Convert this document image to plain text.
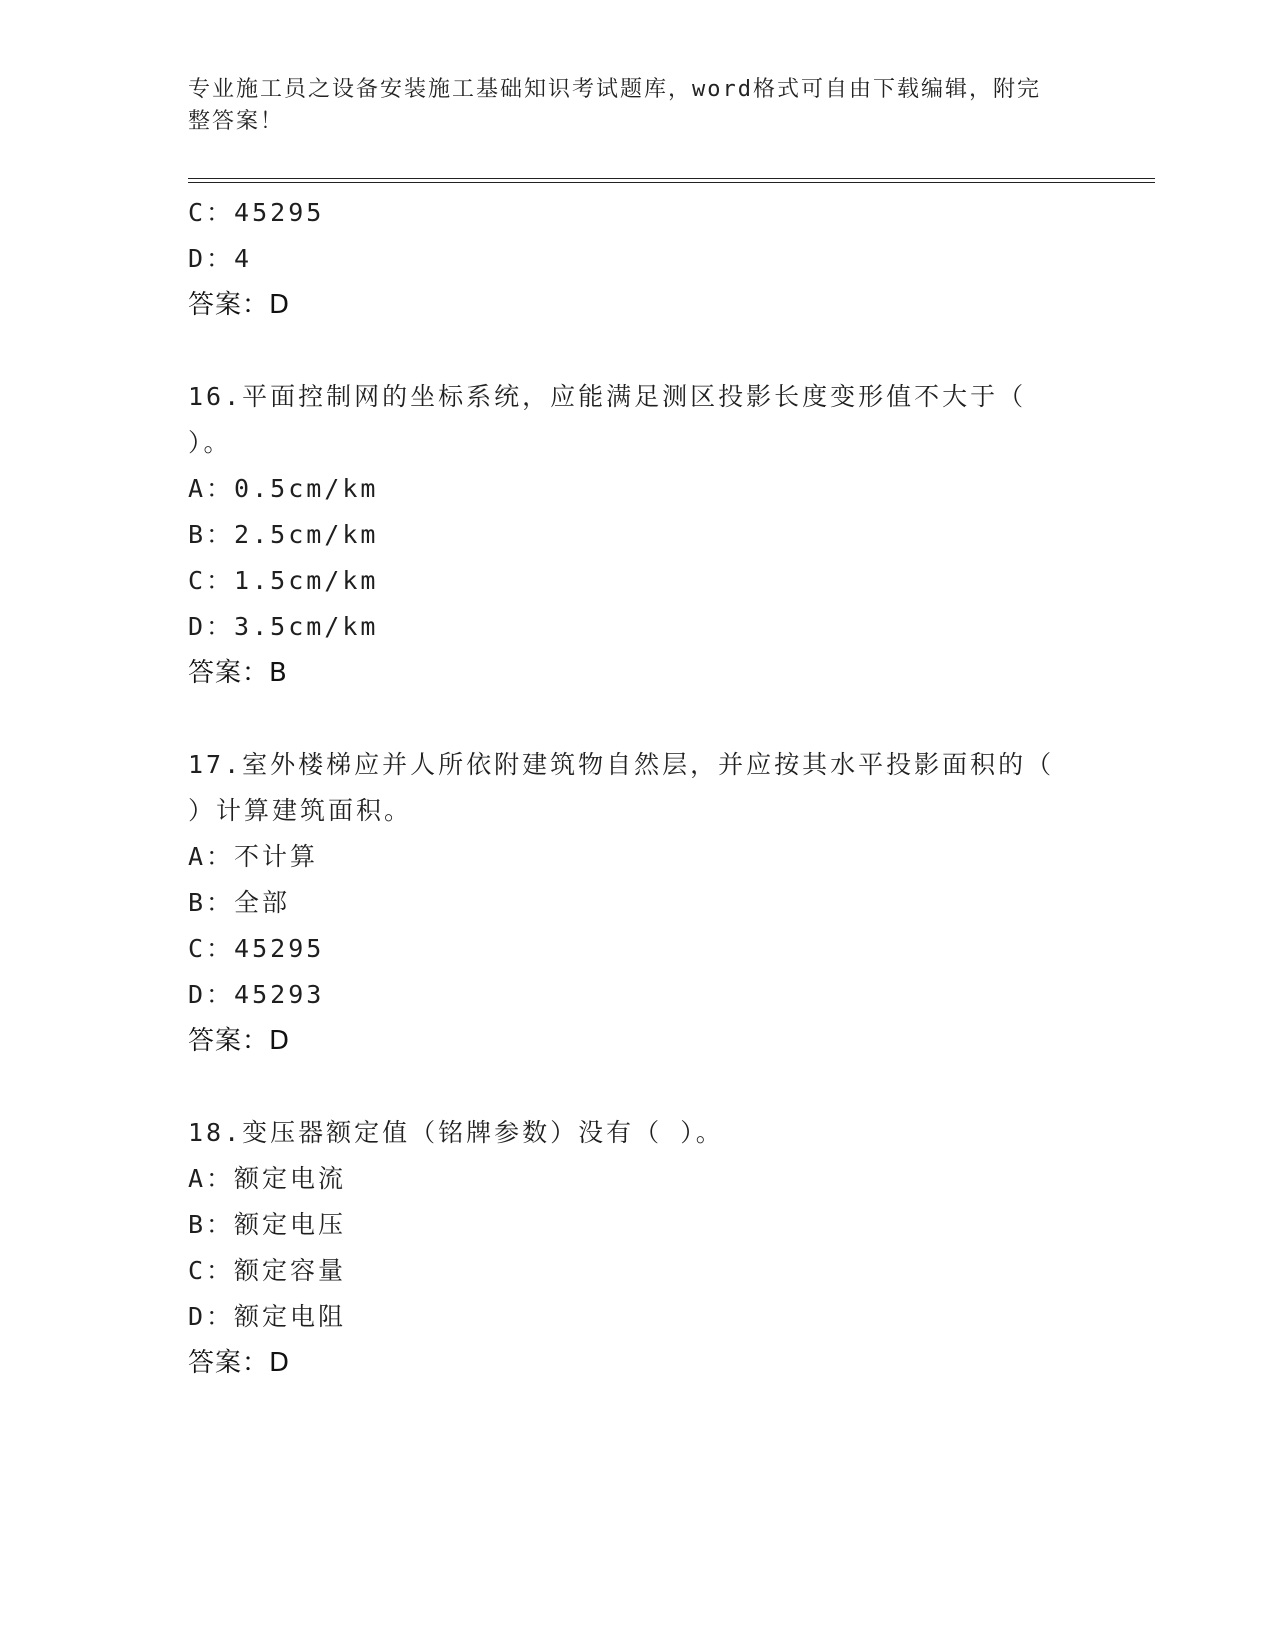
专业施工员之设备安装施工基础知识考试题库，word格式可自由下载编辑，附完
整答案！
C：45295
D：4
答案：D
16.平面控制网的坐标系统，应能满足测区投影长度变形值不大于（
）。
A：0.5cm/km
B：2.5cm/km
C：1.5cm/km
D：3.5cm/km
答案：B
17.室外楼梯应并人所依附建筑物自然层，并应按其水平投影面积的（
）计算建筑面积。
A：不计算
B：全部
C：45295
D：45293
答案：D
18.变压器额定值（铭牌参数）没有（ ）。
A：额定电流
B：额定电压
C：额定容量
D：额定电阻
答案：D
